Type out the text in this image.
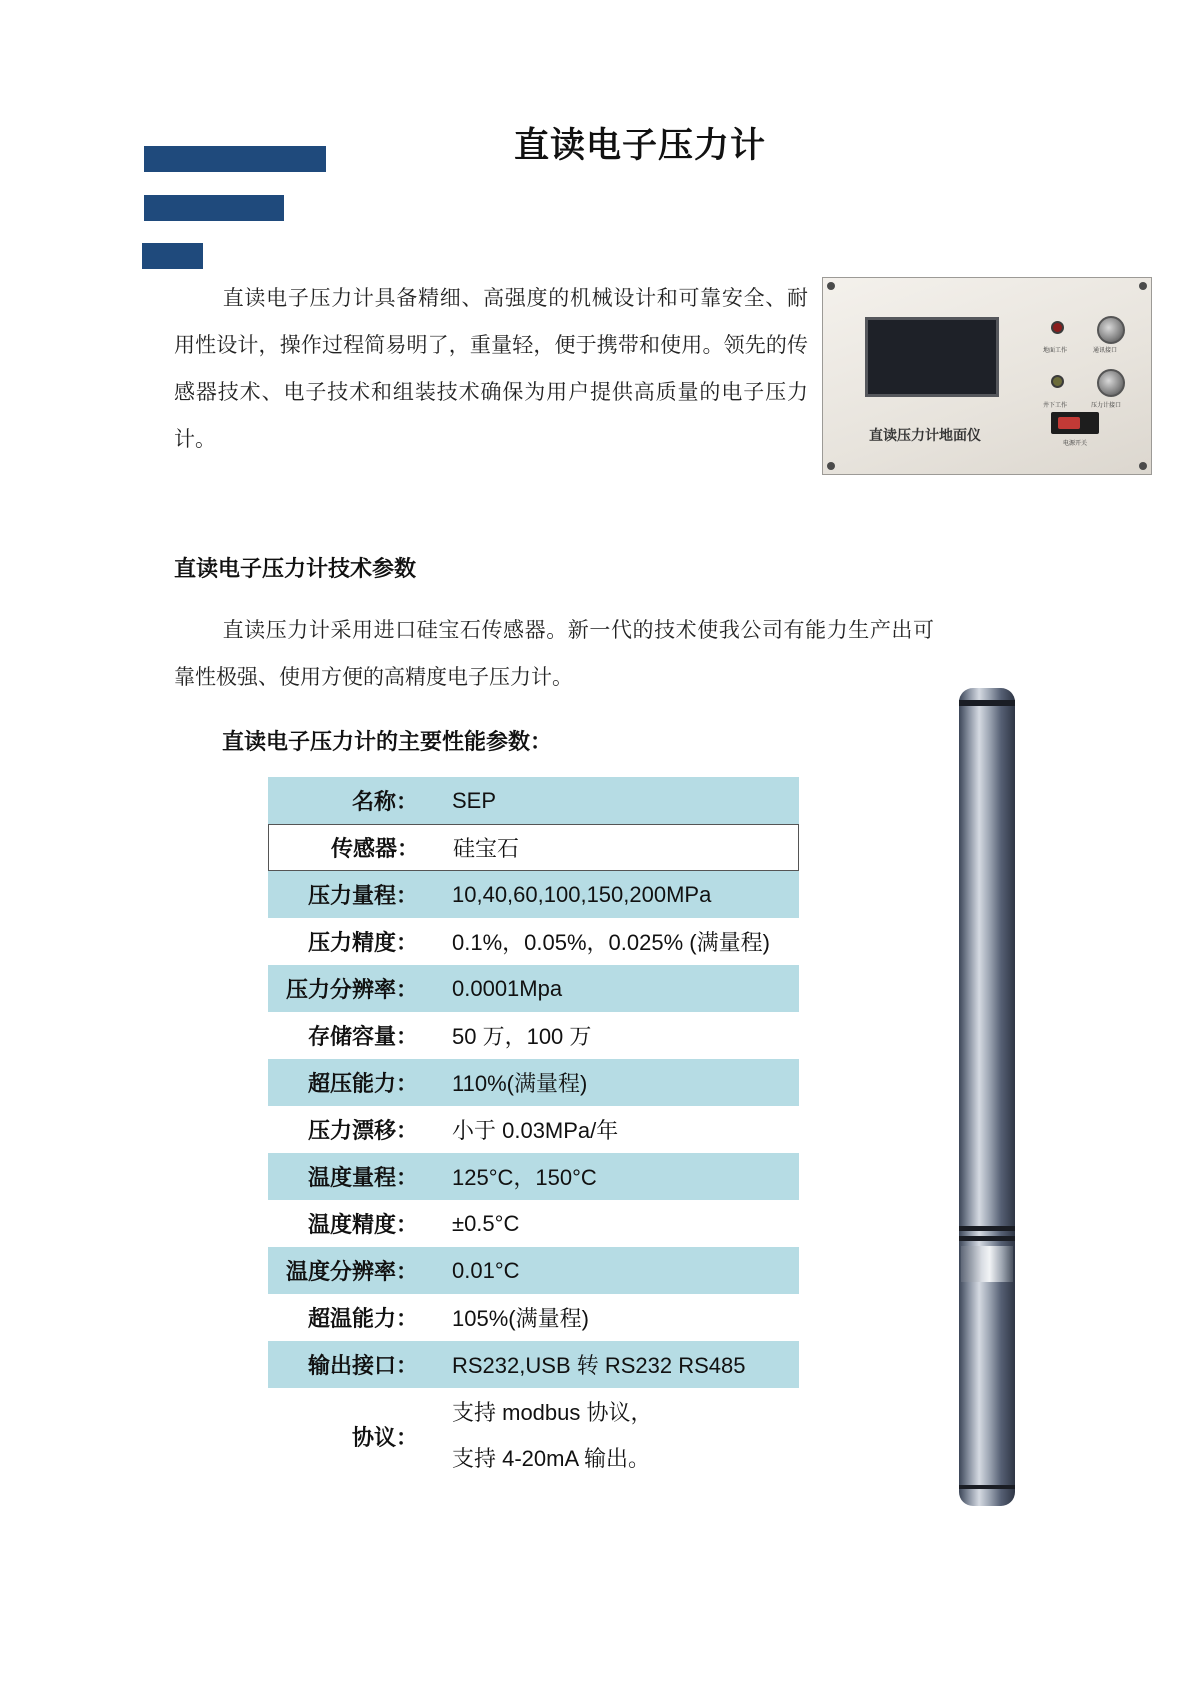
直读电子压力计
直读电子压力计具备精细、高强度的机械设计和可靠安全、耐用性设计，操作过程简易明了，重量轻，便于携带和使用。领先的传感器技术、电子技术和组装技术确保为用户提供高质量的电子压力计。
地面工作	通讯接口
井下工作	压力计接口
直读压力计地面仪	电源开关
直读电子压力计技术参数
直读压力计采用进口硅宝石传感器。新一代的技术使我公司有能力生产出可靠性极强、使用方便的高精度电子压力计。
直读电子压力计的主要性能参数：
名称：	SEP
传感器：	硅宝石
压力量程：	10,40,60,100,150,200MPa
压力精度：	0.1%，0.05%，0.025% (满量程)
压力分辨率：	0.0001Mpa
存储容量：	50 万，100 万
超压能力：	110%(满量程)
压力漂移：	小于 0.03MPa/年
温度量程：	125°C，150°C
温度精度：	±0.5°C
温度分辨率：	0.01°C
超温能力：	105%(满量程)
输出接口：	RS232,USB 转 RS232 RS485
协议：
支持 modbus 协议，
支持 4-20mA 输出。
